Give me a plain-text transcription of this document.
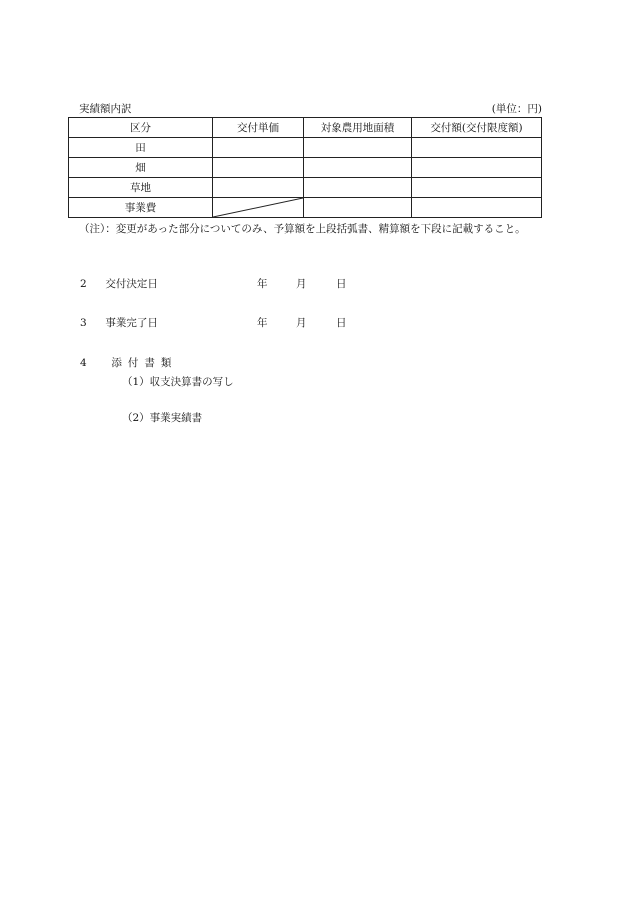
実績額内訳	(単位：円)
区分	交付単価	対象農用地面積	交付額(交付限度額)
田			
畑			
草地			
事業費	

（注）：変更があった部分についてのみ、予算額を上段括弧書、精算額を下段に記載すること。
2 交付決定日	年	月	日
3 事業完了日	年	月	日
4 添付書類
（1）収支決算書の写し
（2）事業実績書
